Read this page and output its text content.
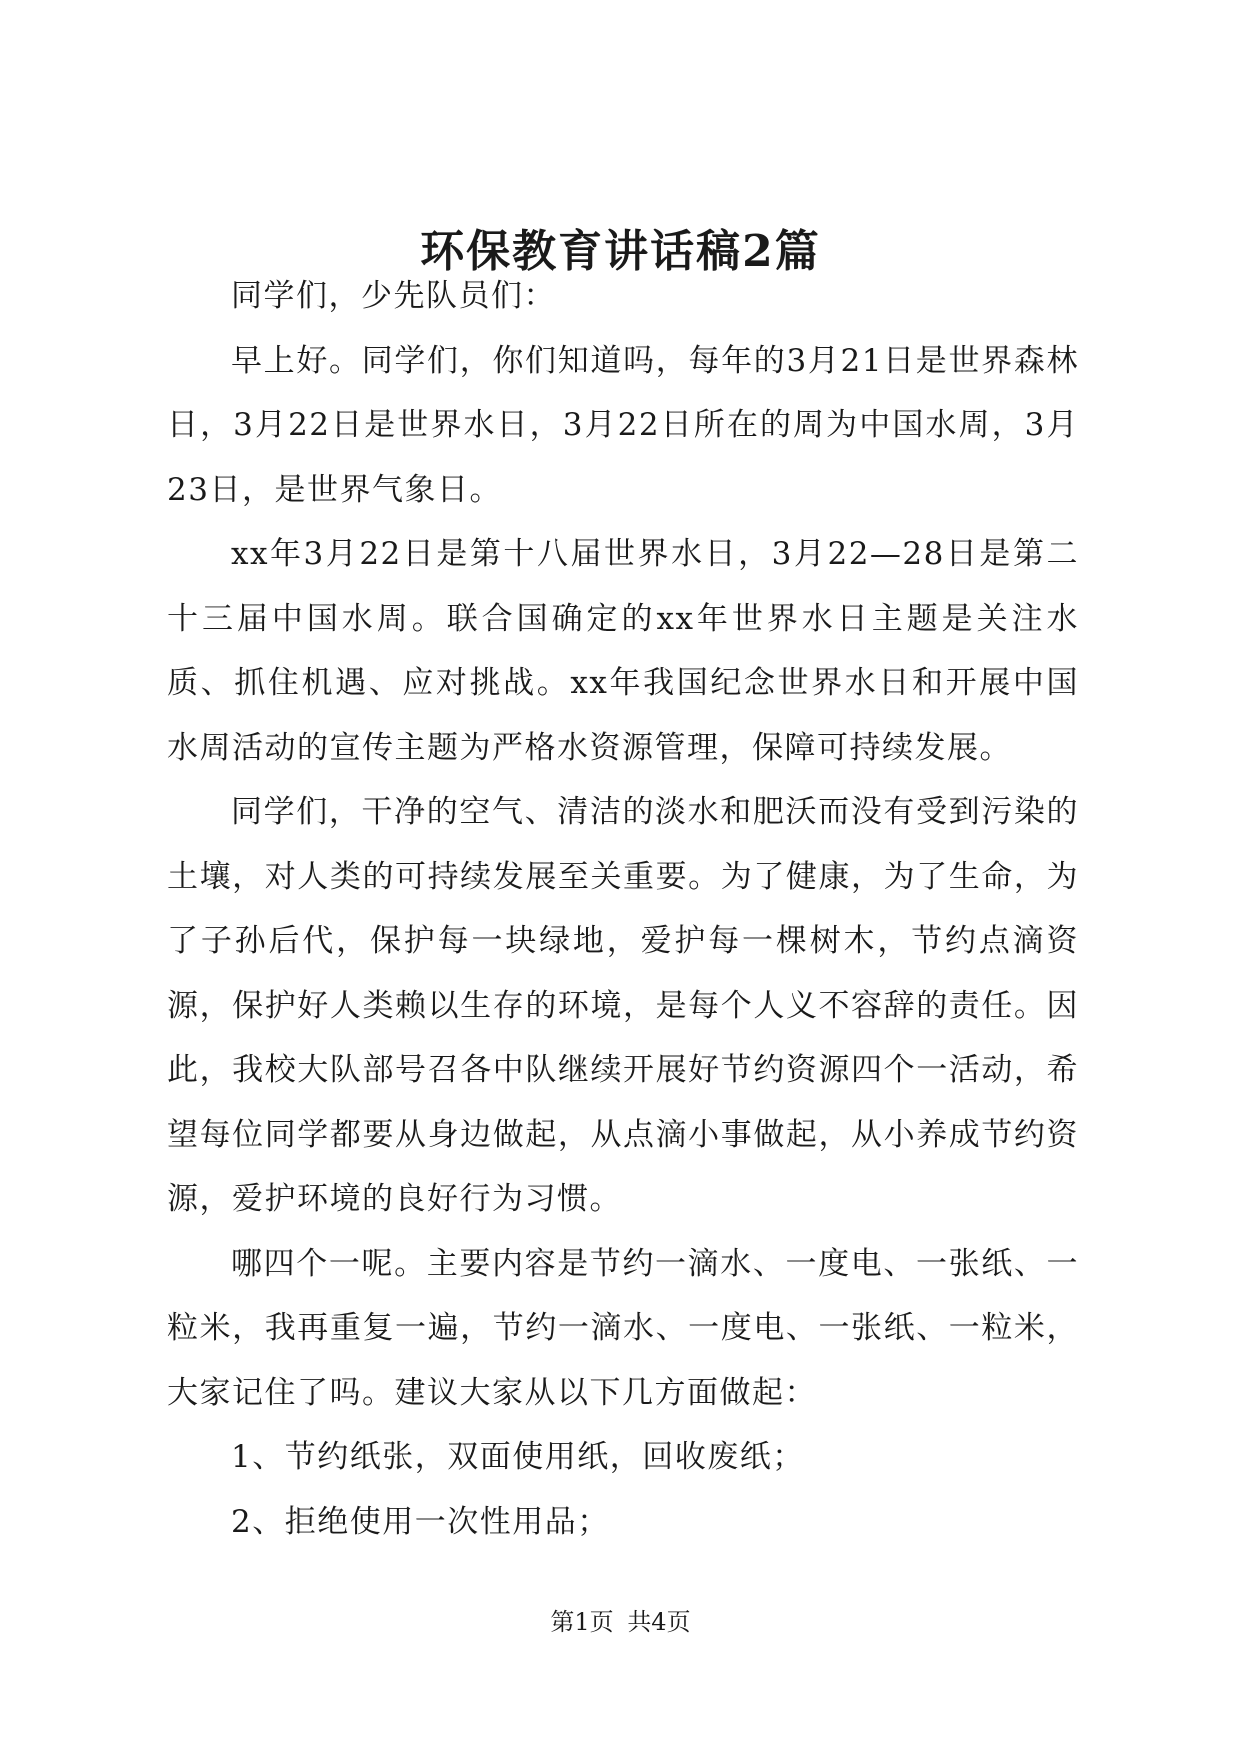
环保教育讲话稿2篇

同学们，少先队员们：

早上好。同学们，你们知道吗，每年的3月21日是世界森林日，3月22日是世界水日，3月22日所在的周为中国水周，3月23日，是世界气象日。

xx年3月22日是第十八届世界水日，3月22—28日是第二十三届中国水周。联合国确定的xx年世界水日主题是关注水质、抓住机遇、应对挑战。xx年我国纪念世界水日和开展中国水周活动的宣传主题为严格水资源管理，保障可持续发展。

同学们，干净的空气、清洁的淡水和肥沃而没有受到污染的土壤，对人类的可持续发展至关重要。为了健康，为了生命，为了子孙后代，保护每一块绿地，爱护每一棵树木，节约点滴资源，保护好人类赖以生存的环境，是每个人义不容辞的责任。因此，我校大队部号召各中队继续开展好节约资源四个一活动，希望每位同学都要从身边做起，从点滴小事做起，从小养成节约资源，爱护环境的良好行为习惯。

哪四个一呢。主要内容是节约一滴水、一度电、一张纸、一粒米，我再重复一遍，节约一滴水、一度电、一张纸、一粒米，大家记住了吗。建议大家从以下几方面做起：

1、节约纸张，双面使用纸，回收废纸；

2、拒绝使用一次性用品；

第1页 共4页
